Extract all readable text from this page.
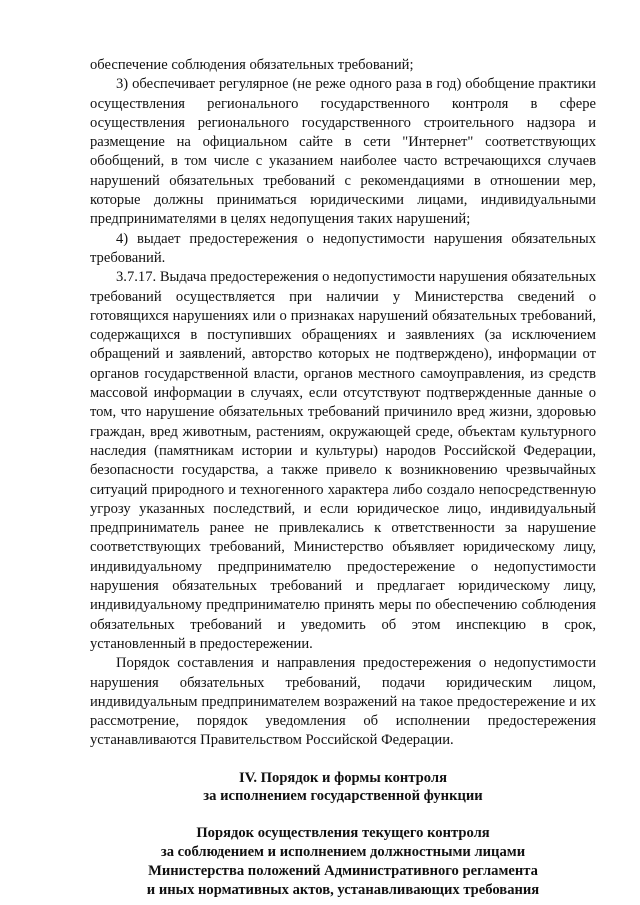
обеспечение соблюдения обязательных требований;

3) обеспечивает регулярное (не реже одного раза в год) обобщение практики осуществления регионального государственного контроля в сфере осуществления регионального государственного строительного надзора и размещение на официальном сайте в сети "Интернет" соответствующих обобщений, в том числе с указанием наиболее часто встречающихся случаев нарушений обязательных требований с рекомендациями в отношении мер, которые должны приниматься юридическими лицами, индивидуальными предпринимателями в целях недопущения таких нарушений;

4) выдает предостережения о недопустимости нарушения обязательных требований.

3.7.17. Выдача предостережения о недопустимости нарушения обязательных требований осуществляется при наличии у Министерства сведений о готовящихся нарушениях или о признаках нарушений обязательных требований, содержащихся в поступивших обращениях и заявлениях (за исключением обращений и заявлений, авторство которых не подтверждено), информации от органов государственной власти, органов местного самоуправления, из средств массовой информации в случаях, если отсутствуют подтвержденные данные о том, что нарушение обязательных требований причинило вред жизни, здоровью граждан, вред животным, растениям, окружающей среде, объектам культурного наследия (памятникам истории и культуры) народов Российской Федерации, безопасности государства, а также привело к возникновению чрезвычайных ситуаций природного и техногенного характера либо создало непосредственную угрозу указанных последствий, и если юридическое лицо, индивидуальный предприниматель ранее не привлекались к ответственности за нарушение соответствующих требований, Министерство объявляет юридическому лицу, индивидуальному предпринимателю предостережение о недопустимости нарушения обязательных требований и предлагает юридическому лицу, индивидуальному предпринимателю принять меры по обеспечению соблюдения обязательных требований и уведомить об этом инспекцию в срок, установленный в предостережении.

Порядок составления и направления предостережения о недопустимости нарушения обязательных требований, подачи юридическим лицом, индивидуальным предпринимателем возражений на такое предостережение и их рассмотрение, порядок уведомления об исполнении предостережения устанавливаются Правительством Российской Федерации.

IV. Порядок и формы контроля

за исполнением государственной функции

Порядок осуществления текущего контроля

за соблюдением и исполнением должностными лицами

Министерства положений Административного регламента

и иных нормативных актов, устанавливающих требования
